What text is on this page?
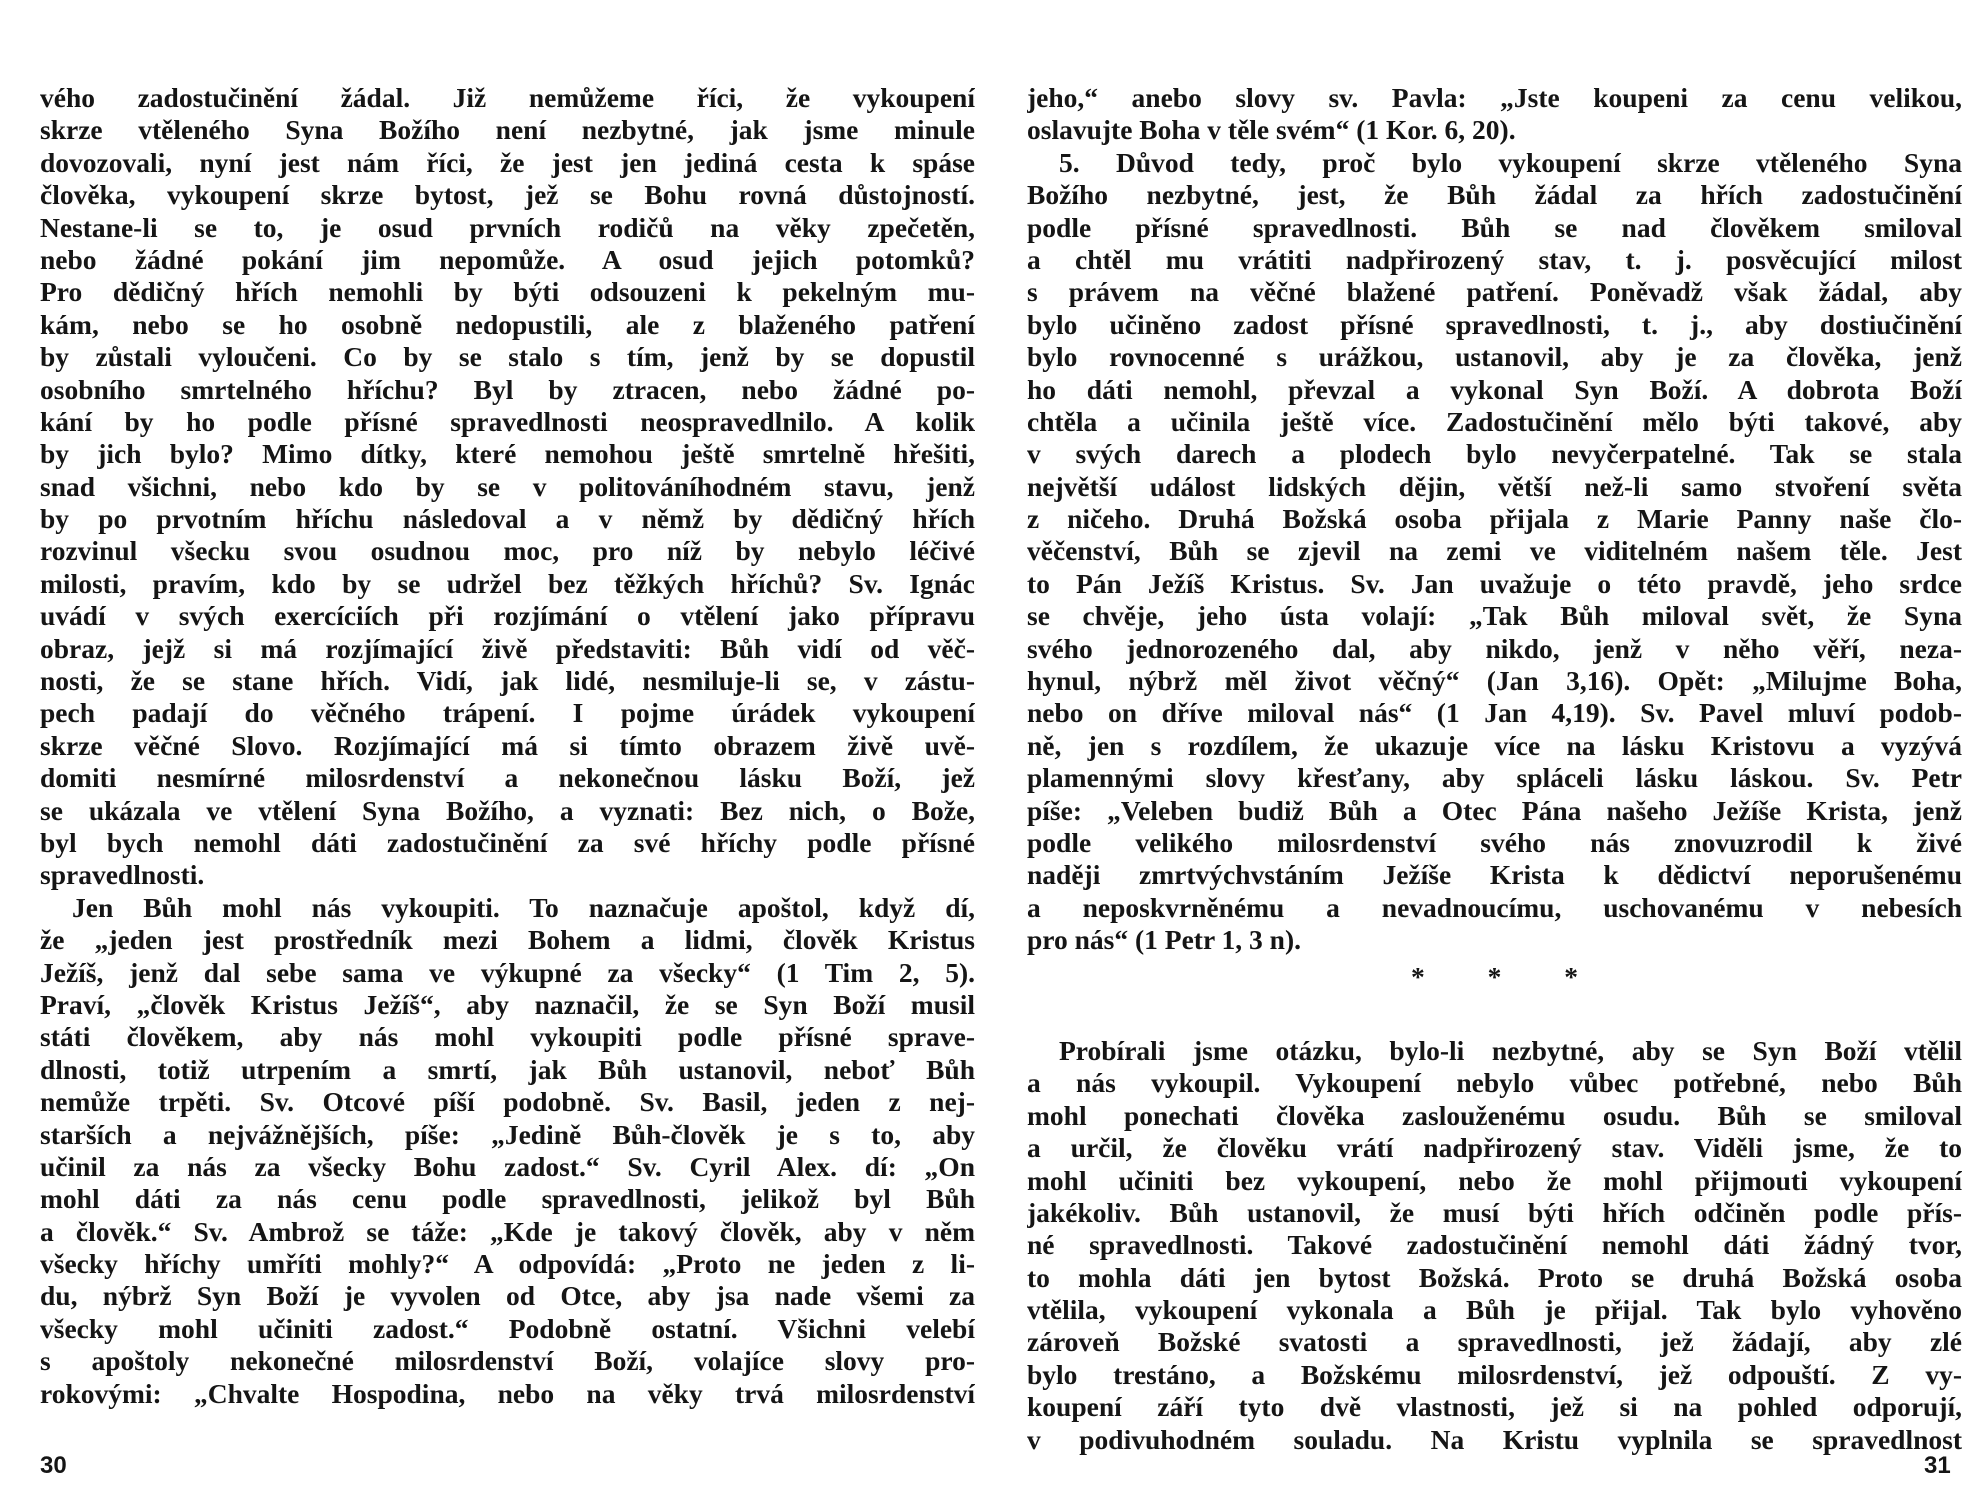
vého zadostučinění žádal. Již nemůžeme říci, že vykoupení
skrze vtěleného Syna Božího není nezbytné, jak jsme minule
dovozovali, nyní jest nám říci, že jest jen jediná cesta k spáse
člověka, vykoupení skrze bytost, jež se Bohu rovná důstojností.
Nestane-li se to, je osud prvních rodičů na věky zpečetěn,
nebo žádné pokání jim nepomůže. A osud jejich potomků?
Pro dědičný hřích nemohli by býti odsouzeni k pekelným mu-
kám, nebo se ho osobně nedopustili, ale z blaženého patření
by zůstali vyloučeni. Co by se stalo s tím, jenž by se dopustil
osobního smrtelného hříchu? Byl by ztracen, nebo žádné po-
kání by ho podle přísné spravedlnosti neospravedlnilo. A kolik
by jich bylo? Mimo dítky, které nemohou ještě smrtelně hřešiti,
snad všichni, nebo kdo by se v politováníhodném stavu, jenž
by po prvotním hříchu následoval a v němž by dědičný hřích
rozvinul všecku svou osudnou moc, pro níž by nebylo léčivé
milosti, pravím, kdo by se udržel bez těžkých hříchů? Sv. Ignác
uvádí v svých exercíciích při rozjímání o vtělení jako přípravu
obraz, jejž si má rozjímající živě představiti: Bůh vidí od věč-
nosti, že se stane hřích. Vidí, jak lidé, nesmiluje-li se, v zástu-
pech padají do věčného trápení. I pojme úrádek vykoupení
skrze věčné Slovo. Rozjímající má si tímto obrazem živě uvě-
domiti nesmírné milosrdenství a nekonečnou lásku Boží, jež
se ukázala ve vtělení Syna Božího, a vyznati: Bez nich, o Bože,
byl bych nemohl dáti zadostučinění za své hříchy podle přísné
spravedlnosti.
Jen Bůh mohl nás vykoupiti. To naznačuje apoštol, když dí,
že „jeden jest prostředník mezi Bohem a lidmi, člověk Kristus
Ježíš, jenž dal sebe sama ve výkupné za všecky“ (1 Tim 2, 5).
Praví, „člověk Kristus Ježíš“, aby naznačil, že se Syn Boží musil
státi člověkem, aby nás mohl vykoupiti podle přísné sprave-
dlnosti, totiž utrpením a smrtí, jak Bůh ustanovil, neboť Bůh
nemůže trpěti. Sv. Otcové píší podobně. Sv. Basil, jeden z nej-
starších a nejvážnějších, píše: „Jedině Bůh-člověk je s to, aby
učinil za nás za všecky Bohu zadost.“ Sv. Cyril Alex. dí: „On
mohl dáti za nás cenu podle spravedlnosti, jelikož byl Bůh
a člověk.“ Sv. Ambrož se táže: „Kde je takový člověk, aby v něm
všecky hříchy umříti mohly?“ A odpovídá: „Proto ne jeden z li-
du, nýbrž Syn Boží je vyvolen od Otce, aby jsa nade všemi za
všecky mohl učiniti zadost.“ Podobně ostatní. Všichni velebí
s apoštoly nekonečné milosrdenství Boží, volajíce slovy pro-
rokovými: „Chvalte Hospodina, nebo na věky trvá milosrdenství
jeho,“ anebo slovy sv. Pavla: „Jste koupeni za cenu velikou,
oslavujte Boha v těle svém“ (1 Kor. 6, 20).
5. Důvod tedy, proč bylo vykoupení skrze vtěleného Syna
Božího nezbytné, jest, že Bůh žádal za hřích zadostučinění
podle přísné spravedlnosti. Bůh se nad člověkem smiloval
a chtěl mu vrátiti nadpřirozený stav, t. j. posvěcující milost
s právem na věčné blažené patření. Poněvadž však žádal, aby
bylo učiněno zadost přísné spravedlnosti, t. j., aby dostiučinění
bylo rovnocenné s urážkou, ustanovil, aby je za člověka, jenž
ho dáti nemohl, převzal a vykonal Syn Boží. A dobrota Boží
chtěla a učinila ještě více. Zadostučinění mělo býti takové, aby
v svých darech a plodech bylo nevyčerpatelné. Tak se stala
největší událost lidských dějin, větší než-li samo stvoření světa
z ničeho. Druhá Božská osoba přijala z Marie Panny naše člo-
věčenství, Bůh se zjevil na zemi ve viditelném našem těle. Jest
to Pán Ježíš Kristus. Sv. Jan uvažuje o této pravdě, jeho srdce
se chvěje, jeho ústa volají: „Tak Bůh miloval svět, že Syna
svého jednorozeného dal, aby nikdo, jenž v něho věří, neza-
hynul, nýbrž měl život věčný“ (Jan 3,16). Opět: „Milujme Boha,
nebo on dříve miloval nás“ (1 Jan 4,19). Sv. Pavel mluví podob-
ně, jen s rozdílem, že ukazuje více na lásku Kristovu a vyzývá
plamennými slovy křesťany, aby spláceli lásku láskou. Sv. Petr
píše: „Veleben budiž Bůh a Otec Pána našeho Ježíše Krista, jenž
podle velikého milosrdenství svého nás znovuzrodil k živé
naději zmrtvýchvstáním Ježíše Krista k dědictví neporušenému
a neposkvrněnému a nevadnoucímu, uschovanému v nebesích
pro nás“ (1 Petr 1, 3 n).
* * *
Probírali jsme otázku, bylo-li nezbytné, aby se Syn Boží vtělil
a nás vykoupil. Vykoupení nebylo vůbec potřebné, nebo Bůh
mohl ponechati člověka zaslouženému osudu. Bůh se smiloval
a určil, že člověku vrátí nadpřirozený stav. Viděli jsme, že to
mohl učiniti bez vykoupení, nebo že mohl přijmouti vykoupení
jakékoliv. Bůh ustanovil, že musí býti hřích odčiněn podle přís-
né spravedlnosti. Takové zadostučinění nemohl dáti žádný tvor,
to mohla dáti jen bytost Božská. Proto se druhá Božská osoba
vtělila, vykoupení vykonala a Bůh je přijal. Tak bylo vyhověno
zároveň Božské svatosti a spravedlnosti, jež žádají, aby zlé
bylo trestáno, a Božskému milosrdenství, jež odpouští. Z vy-
koupení září tyto dvě vlastnosti, jež si na pohled odporují,
v podivuhodném souladu. Na Kristu vyplnila se spravedlnost
30	31
